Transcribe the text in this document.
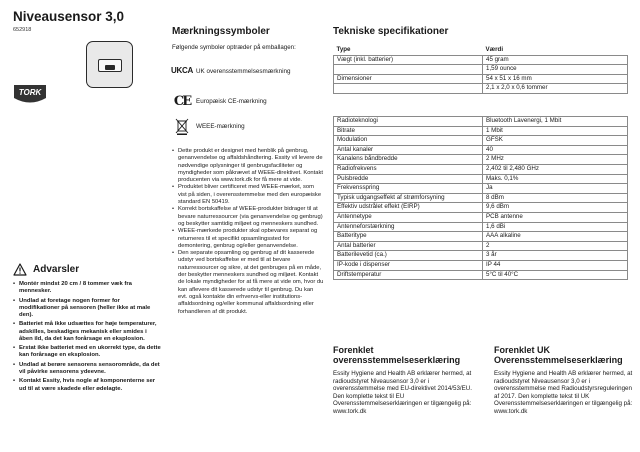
Niveausensor 3,0
652918
TORK
Advarsler
• Montér mindst 20 cm / 8 tommer væk fra mennesker.
• Undlad at foretage nogen former for modifikationer på sensoren (heller ikke at male den).
• Batteriet må ikke udsættes for høje temperaturer, adskilles, beskadiges mekanisk eller smides i åben ild, da det kan forårsage en eksplosion.
• Erstat ikke batteriet med en ukorrekt type, da dette kan forårsage en eksplosion.
• Undlad at berøre sensorens sensorområde, da det vil påvirke sensorens ydeevne.
• Kontakt Essity, hvis nogle af komponenterne ser ud til at være skadede eller ødelagte.
Mærkningssymboler
Følgende symboler optræder på emballagen:
UK CA UK overensstemmelsesmærkning
CE Europæisk CE-mærkning
WEEE-mærkning
• Dette produkt er designet med henblik på genbrug, genanvendelse og affaldshåndtering. Essity vil levere de nødvendige oplysninger til genbrugsfaciliteter og myndigheder som påkrævet af WEEE-direktivet. Kontakt producenten via www.tork.dk for få mere at vide.
• Produktet bliver certificeret med WEEE-mærket, som vist på siden, i overensstemmelse med den europæiske standard EN 50419.
• Korrekt bortskaffelse af WEEE-produkter bidrager til at bevare naturressourcer (via genanvendelse og genbrug) og beskytter samtidig miljøet og menneskers sundhed.
• WEEE-mærkede produkter skal opbevares separat og returneres til et specifikt opsamlingssted for demontering, genbrug og/eller genanvendelse.
• Den separate opsamling og genbrug af dit kasserede udstyr ved bortskaffelse er med til at bevare naturressourcer og sikre, at det genbruges på en måde, der beskytter menneskers sundhed og miljøet. Kontakt de lokale myndigheder for at få mere at vide om, hvor du kan aflevere dit kasserede udstyr til genbrug. Du kan evt. også kontakte din erhvervs-eller institutions-affaldsordning og/eller kommunal affaldsordning eller forhandleren af dit produkt.
Tekniske specifikationer
Type	Værdi
Vægt (inkl. batterier)	45 gram
	1,59 ounce
Dimensioner	54 x 51 x 16 mm
	2,1 x 2,0 x 0,6 tommer
Radioteknologi	Bluetooth Lavenergi, 1 Mbit
Bitrate	1 Mbit
Modulation	GFSK
Antal kanaler	40
Kanalens båndbredde	2 MHz
Radiofrekvens	2,402 til 2,480 GHz
Pulsbredde	Maks. 0,1%
Frekvensspring	Ja
Typisk udgangseffekt af strømforsyning	8 dBm
Effektiv udstrålet effekt (EIRP)	9,6 dBm
Antennetype	PCB antenne
Antenneforstærkning	1,6 dBi
Batteritype	AAA alkaline
Antal batterier	2
Batterilevetid (ca.)	3 år
IP-kode i dispenser	IP 44
Driftstemperatur	5°C til 40°C
Forenklet
overensstemmelseserklæring

Essity Hygiene and Health AB erklærer hermed, at radioudstyret Niveausensor 3,0 er i overensstemmelse med EU-direktivet 2014/53/EU. Den komplette tekst til EU Overensstemmelseserklæringen er tilgængelig på: www.tork.dk

Forenklet UK
Overensstemmelseserklæring

Essity Hygiene and Health AB erklærer hermed, at radioudstyret Niveausensor 3,0 er i overensstemmelse med Radioudstyrsreguleringen af 2017. Den komplette tekst til UK Overensstemmelseserklæringen er tilgængelig på: www.tork.dk
